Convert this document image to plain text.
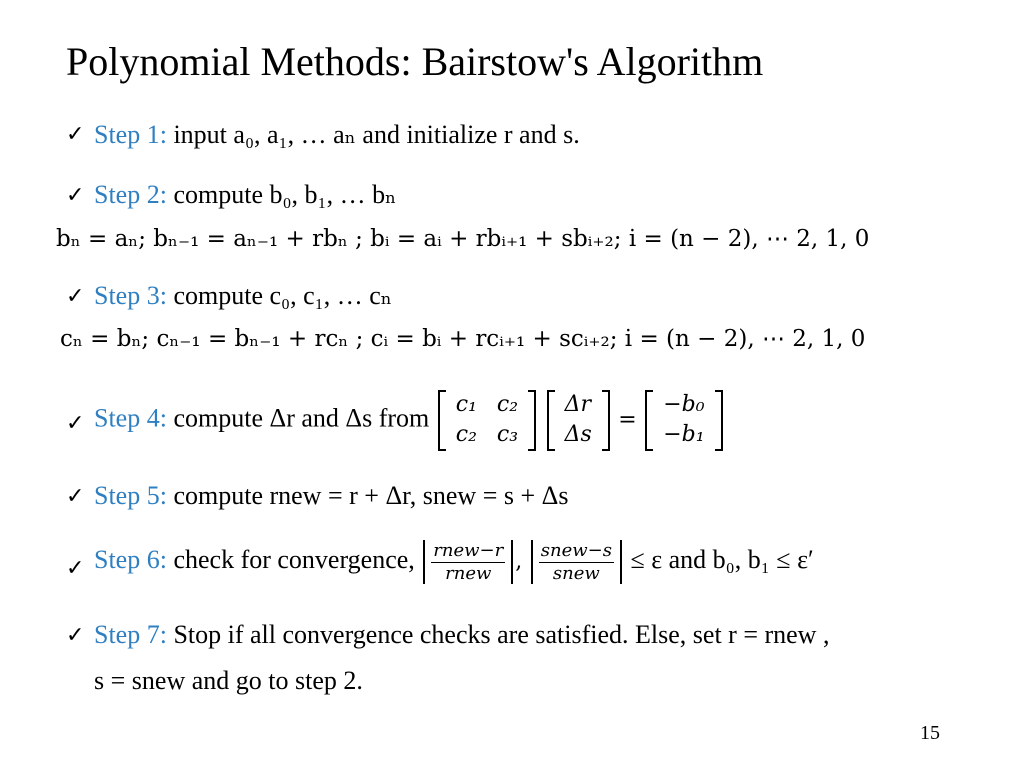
Polynomial Methods: Bairstow's Algorithm
✓ Step 1: input a₀, a₁, … aₙ and initialize r and s.
✓ Step 2: compute b₀, b₁, … bₙ
bₙ = aₙ; bₙ₋₁ = aₙ₋₁ + rbₙ ; bᵢ = aᵢ + rbᵢ₊₁ + sbᵢ₊₂; i = (n − 2), ⋯ 2, 1, 0
✓ Step 3: compute c₀, c₁, … cₙ
cₙ = bₙ; cₙ₋₁ = bₙ₋₁ + rcₙ ; cᵢ = bᵢ + rcᵢ₊₁ + scᵢ₊₂; i = (n − 2), ⋯ 2, 1, 0
✓ Step 4: compute Δr and Δs from c₁	c₂
c₂	c₃

Δr
Δs
=
−b₀
−b₁
✓ Step 5: compute rnew = r + Δr, snew = s + Δs
✓ Step 6: check for convergence, $\frac{\text{rnew−r}}{\text{rnew}}$ , $\frac{\text{snew−s}}{\text{snew}} \le \varepsilon$ and b₀, b₁ ≤ ε′
✓ Step 7: Stop if all convergence checks are satisfied. Else, set r = rnew ,
s = snew and go to step 2.
15
